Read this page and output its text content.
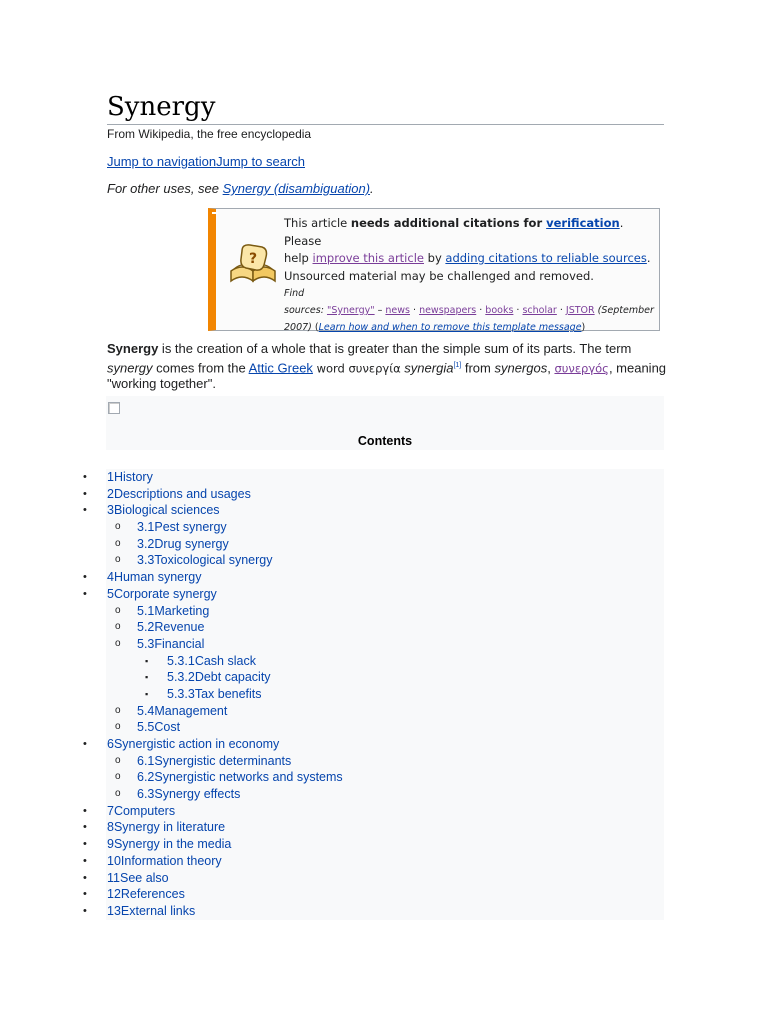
Synergy
From Wikipedia, the free encyclopedia
Jump to navigationJump to search
For other uses, see Synergy (disambiguation).
?
This article needs additional citations for verification. Please
help improve this article by adding citations to reliable sources.
Unsourced material may be challenged and removed.
Find
sources: "Synergy" – news · newspapers · books · scholar · JSTOR (September
2007) (Learn how and when to remove this template message)

Synergy is the creation of a whole that is greater than the simple sum of its parts. The term synergy comes from the Attic Greek word συνεργία synergia[1] from synergos, συνεργός, meaning "working together".

Contents
• 1History
• 2Descriptions and usages
• 3Biological sciences
o 3.1Pest synergy
o 3.2Drug synergy
o 3.3Toxicological synergy
• 4Human synergy
• 5Corporate synergy
o 5.1Marketing
o 5.2Revenue
o 5.3Financial
▪ 5.3.1Cash slack
▪ 5.3.2Debt capacity
▪ 5.3.3Tax benefits
o 5.4Management
o 5.5Cost
• 6Synergistic action in economy
o 6.1Synergistic determinants
o 6.2Synergistic networks and systems
o 6.3Synergy effects
• 7Computers
• 8Synergy in literature
• 9Synergy in the media
• 10Information theory
• 11See also
• 12References
• 13External links
